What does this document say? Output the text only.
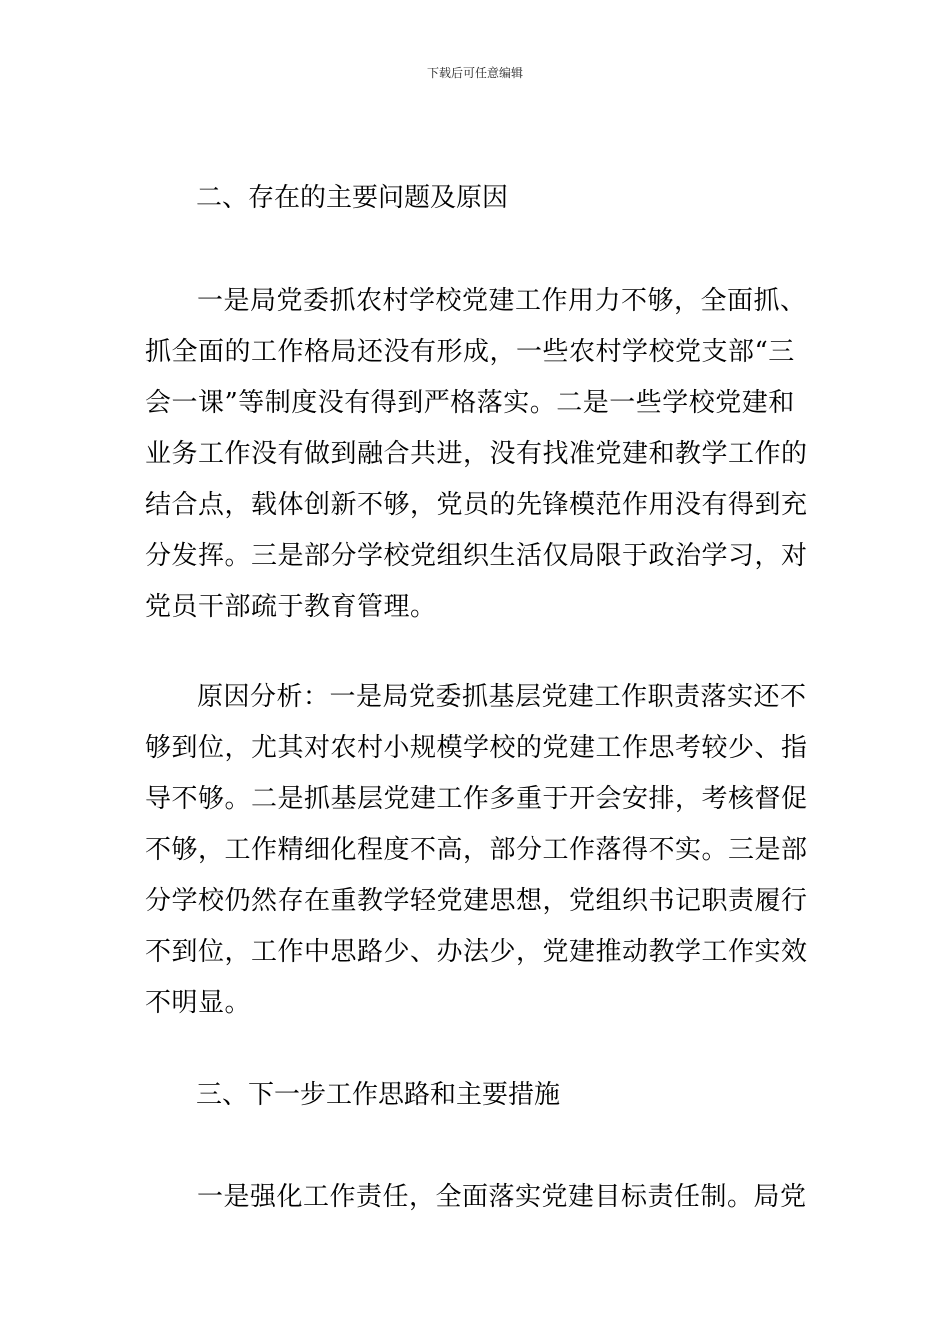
下载后可任意编辑
二、存在的主要问题及原因
一是局党委抓农村学校党建工作用力不够，全面抓、
抓全面的工作格局还没有形成，一些农村学校党支部“三
会一课”等制度没有得到严格落实。二是一些学校党建和
业务工作没有做到融合共进，没有找准党建和教学工作的
结合点，载体创新不够，党员的先锋模范作用没有得到充
分发挥。三是部分学校党组织生活仅局限于政治学习，对
党员干部疏于教育管理。
原因分析：一是局党委抓基层党建工作职责落实还不
够到位，尤其对农村小规模学校的党建工作思考较少、指
导不够。二是抓基层党建工作多重于开会安排，考核督促
不够，工作精细化程度不高，部分工作落得不实。三是部
分学校仍然存在重教学轻党建思想，党组织书记职责履行
不到位，工作中思路少、办法少，党建推动教学工作实效
不明显。
三、下一步工作思路和主要措施
一是强化工作责任，全面落实党建目标责任制。局党
